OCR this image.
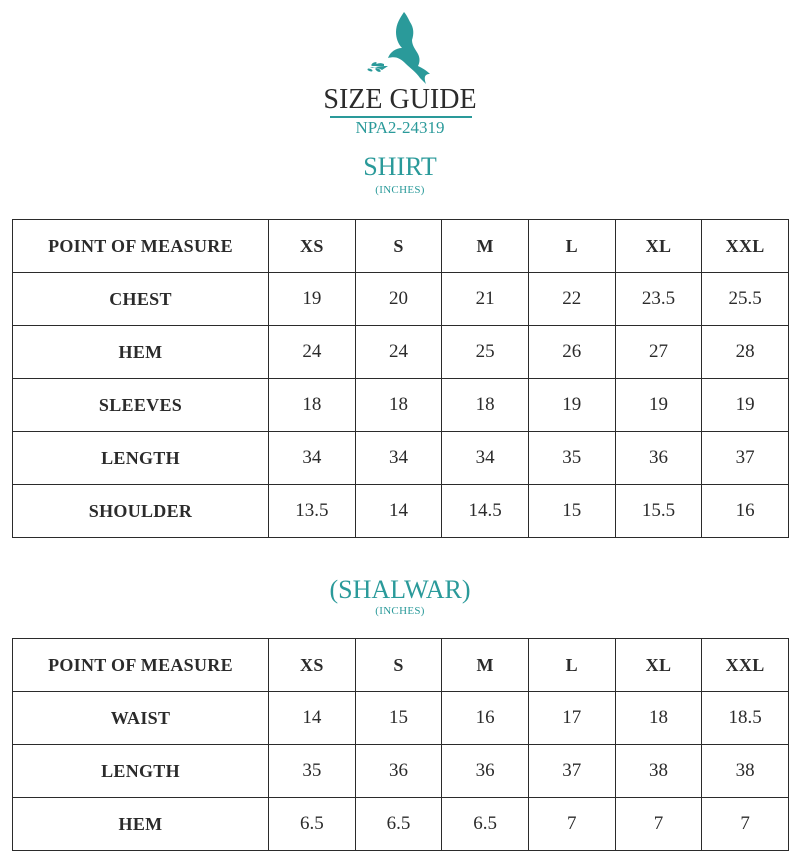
SIZE GUIDE
NPA2-24319
SHIRT
(INCHES)
POINT OF MEASURE	XS	S	M	L	XL	XXL
CHEST	19	20	21	22	23.5	25.5
HEM	24	24	25	26	27	28
SLEEVES	18	18	18	19	19	19
LENGTH	34	34	34	35	36	37
SHOULDER	13.5	14	14.5	15	15.5	16
(SHALWAR)
(INCHES)
POINT OF MEASURE	XS	S	M	L	XL	XXL
WAIST	14	15	16	17	18	18.5
LENGTH	35	36	36	37	38	38
HEM	6.5	6.5	6.5	7	7	7
